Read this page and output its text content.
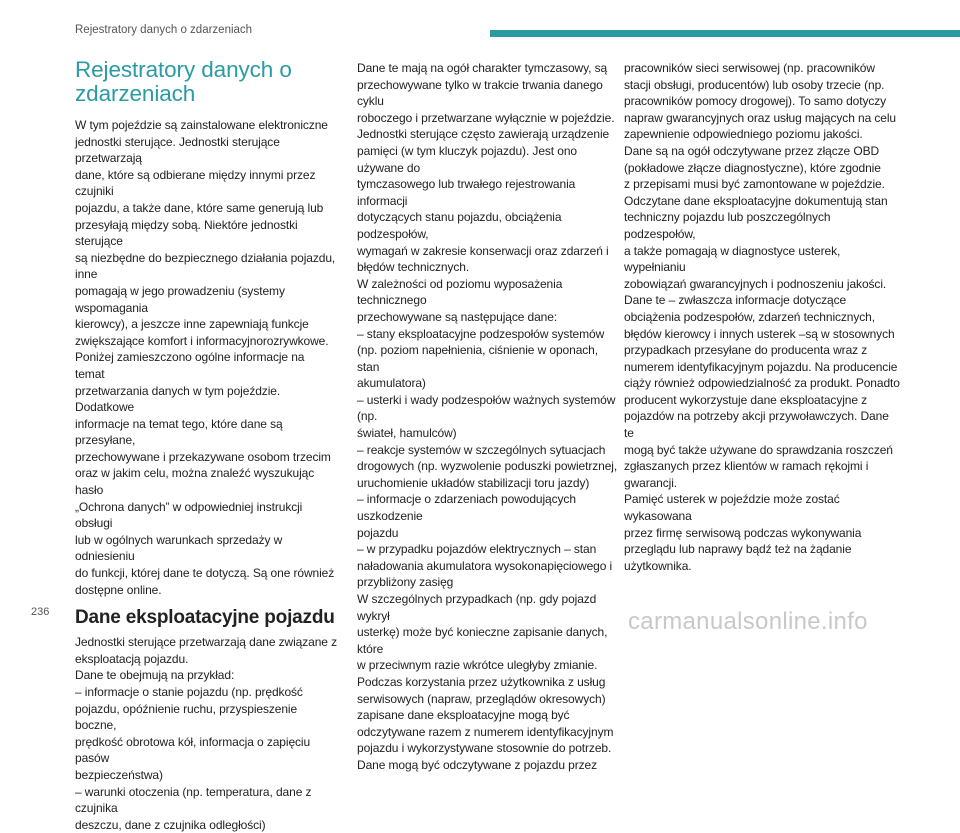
Rejestratory danych o zdarzeniach
Rejestratory danych o zdarzeniach

W tym pojeździe są zainstalowane elektroniczne
jednostki sterujące. Jednostki sterujące przetwarzają
dane, które są odbierane między innymi przez czujniki
pojazdu, a także dane, które same generują lub
przesyłają między sobą. Niektóre jednostki sterujące
są niezbędne do bezpiecznego działania pojazdu, inne
pomagają w jego prowadzeniu (systemy wspomagania
kierowcy), a jeszcze inne zapewniają funkcje
zwiększające komfort i informacyjnorozrywkowe.
Poniżej zamieszczono ogólne informacje na temat
przetwarzania danych w tym pojeździe. Dodatkowe
informacje na temat tego, które dane są przesyłane,
przechowywane i przekazywane osobom trzecim
oraz w jakim celu, można znaleźć wyszukując hasło
„Ochrona danych” w odpowiedniej instrukcji obsługi
lub w ogólnych warunkach sprzedaży w odniesieniu
do funkcji, której dane te dotyczą. Są one również
dostępne online.

Dane eksploatacyjne pojazdu

Jednostki sterujące przetwarzają dane związane z
eksploatacją pojazdu.
Dane te obejmują na przykład:
– informacje o stanie pojazdu (np. prędkość
pojazdu, opóźnienie ruchu, przyspieszenie boczne,
prędkość obrotowa kół, informacja o zapięciu pasów
bezpieczeństwa)
– warunki otoczenia (np. temperatura, dane z czujnika
deszczu, dane z czujnika odległości)

Dane te mają na ogół charakter tymczasowy, są
przechowywane tylko w trakcie trwania danego cyklu
roboczego i przetwarzane wyłącznie w pojeździe.
Jednostki sterujące często zawierają urządzenie
pamięci (w tym kluczyk pojazdu). Jest ono używane do
tymczasowego lub trwałego rejestrowania informacji
dotyczących stanu pojazdu, obciążenia podzespołów,
wymagań w zakresie konserwacji oraz zdarzeń i
błędów technicznych.
W zależności od poziomu wyposażenia technicznego
przechowywane są następujące dane:
– stany eksploatacyjne podzespołów systemów
(np. poziom napełnienia, ciśnienie w oponach, stan
akumulatora)
– usterki i wady podzespołów ważnych systemów (np.
świateł, hamulców)
– reakcje systemów w szczególnych sytuacjach
drogowych (np. wyzwolenie poduszki powietrznej,
uruchomienie układów stabilizacji toru jazdy)
– informacje o zdarzeniach powodujących uszkodzenie
pojazdu
– w przypadku pojazdów elektrycznych – stan
naładowania akumulatora wysokonapięciowego i
przybliżony zasięg
W szczególnych przypadkach (np. gdy pojazd wykrył
usterkę) może być konieczne zapisanie danych, które
w przeciwnym razie wkrótce uległyby zmianie.
Podczas korzystania przez użytkownika z usług
serwisowych (napraw, przeglądów okresowych)
zapisane dane eksploatacyjne mogą być
odczytywane razem z numerem identyfikacyjnym
pojazdu i wykorzystywane stosownie do potrzeb.
Dane mogą być odczytywane z pojazdu przez

pracowników sieci serwisowej (np. pracowników
stacji obsługi, producentów) lub osoby trzecie (np.
pracowników pomocy drogowej). To samo dotyczy
napraw gwarancyjnych oraz usług mających na celu
zapewnienie odpowiedniego poziomu jakości.
Dane są na ogół odczytywane przez złącze OBD
(pokładowe złącze diagnostyczne), które zgodnie
z przepisami musi być zamontowane w pojeździe.
Odczytane dane eksploatacyjne dokumentują stan
techniczny pojazdu lub poszczególnych podzespołów,
a także pomagają w diagnostyce usterek, wypełnianiu
zobowiązań gwarancyjnych i podnoszeniu jakości.
Dane te – zwłaszcza informacje dotyczące
obciążenia podzespołów, zdarzeń technicznych,
błędów kierowcy i innych usterek –są w stosownych
przypadkach przesyłane do producenta wraz z
numerem identyfikacyjnym pojazdu. Na producencie
ciąży również odpowiedzialność za produkt. Ponadto
producent wykorzystuje dane eksploatacyjne z
pojazdów na potrzeby akcji przywoławczych. Dane te
mogą być także używane do sprawdzania roszczeń
zgłaszanych przez klientów w ramach rękojmi i
gwarancji.
Pamięć usterek w pojeździe może zostać wykasowana
przez firmę serwisową podczas wykonywania
przeglądu lub naprawy bądź też na żądanie
użytkownika.

236	carmanualsonline.info
